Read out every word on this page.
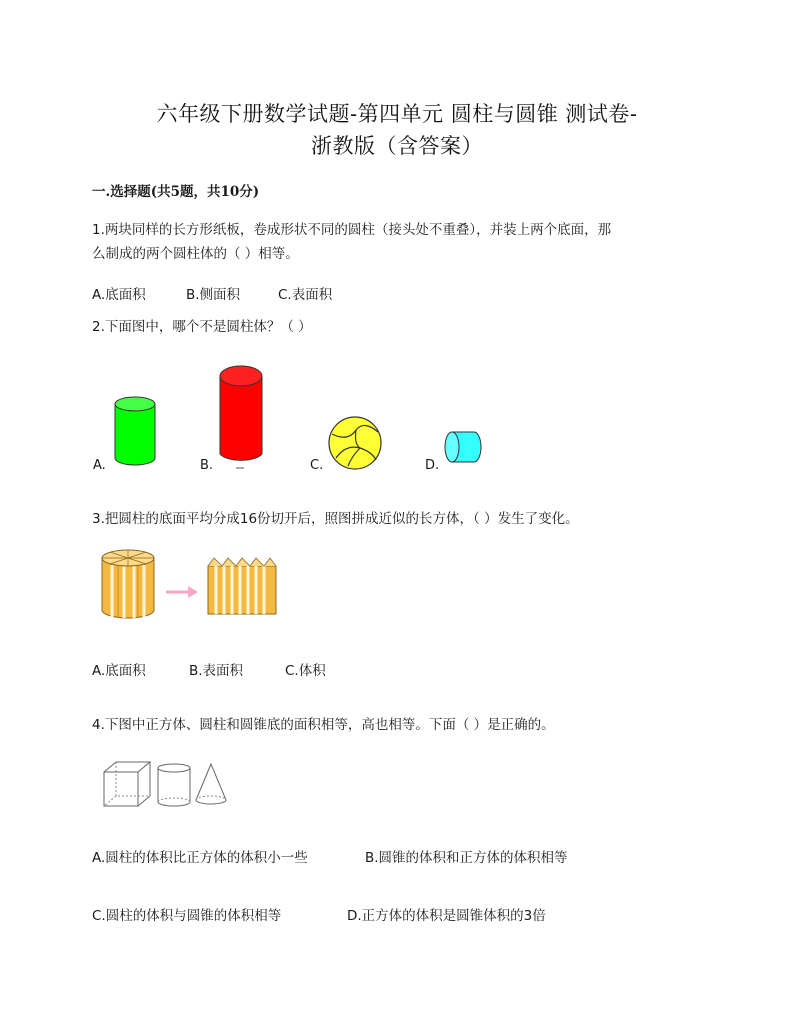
六年级下册数学试题-第四单元 圆柱与圆锥 测试卷-
浙教版（含答案）
一.选择题(共5题，共10分)
1.两块同样的长方形纸板，卷成形状不同的圆柱（接头处不重叠），并装上两个底面，那
么制成的两个圆柱体的（ ）相等。
A.底面积	B.侧面积	C.表面积
2.下面图中，哪个不是圆柱体？（ ）
A.	B.	C.	D.
3.把圆柱的底面平均分成16份切开后，照图拼成近似的长方体，（ ）发生了变化。
A.底面积	B.表面积	C.体积
4.下图中正方体、圆柱和圆锥底的面积相等，高也相等。下面（ ）是正确的。
A.圆柱的体积比正方体的体积小一些	B.圆锥的体积和正方体的体积相等
C.圆柱的体积与圆锥的体积相等	D.正方体的体积是圆锥体积的3倍
